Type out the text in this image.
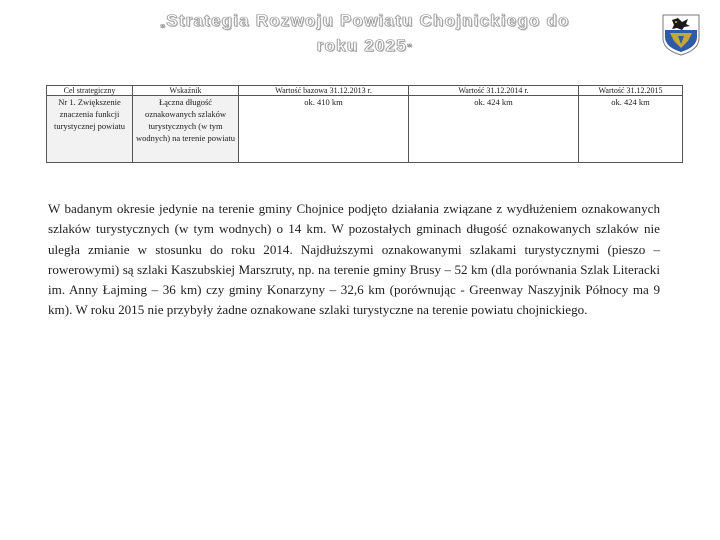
„Strategia Rozwoju Powiatu Chojnickiego do roku 2025”
Cel strategiczny	Wskaźnik	Wartość bazowa 31.12.2013 r.	Wartość 31.12.2014 r.	Wartość 31.12.2015
Nr 1. Zwiększenie znaczenia funkcji turystycznej powiatu	Łączna długość oznakowanych szlaków turystycznych (w tym wodnych) na terenie powiatu	ok. 410 km	ok. 424 km	ok. 424 km

W badanym okresie jedynie na terenie gminy Chojnice podjęto działania związane z wydłużeniem oznakowanych szlaków turystycznych (w tym wodnych) o 14 km. W pozostałych gminach długość oznakowanych szlaków nie uległa zmianie w stosunku do roku 2014. Najdłuższymi oznakowanymi szlakami turystycznymi (pieszo – rowerowymi) są szlaki Kaszubskiej Marszruty, np. na terenie gminy Brusy – 52 km (dla porównania Szlak Literacki im. Anny Łajming – 36 km) czy gminy Konarzyny – 32,6 km (porównując - Greenway Naszyjnik Północy ma 9 km). W roku 2015 nie przybyły żadne oznakowane szlaki turystyczne na terenie powiatu chojnickiego.
